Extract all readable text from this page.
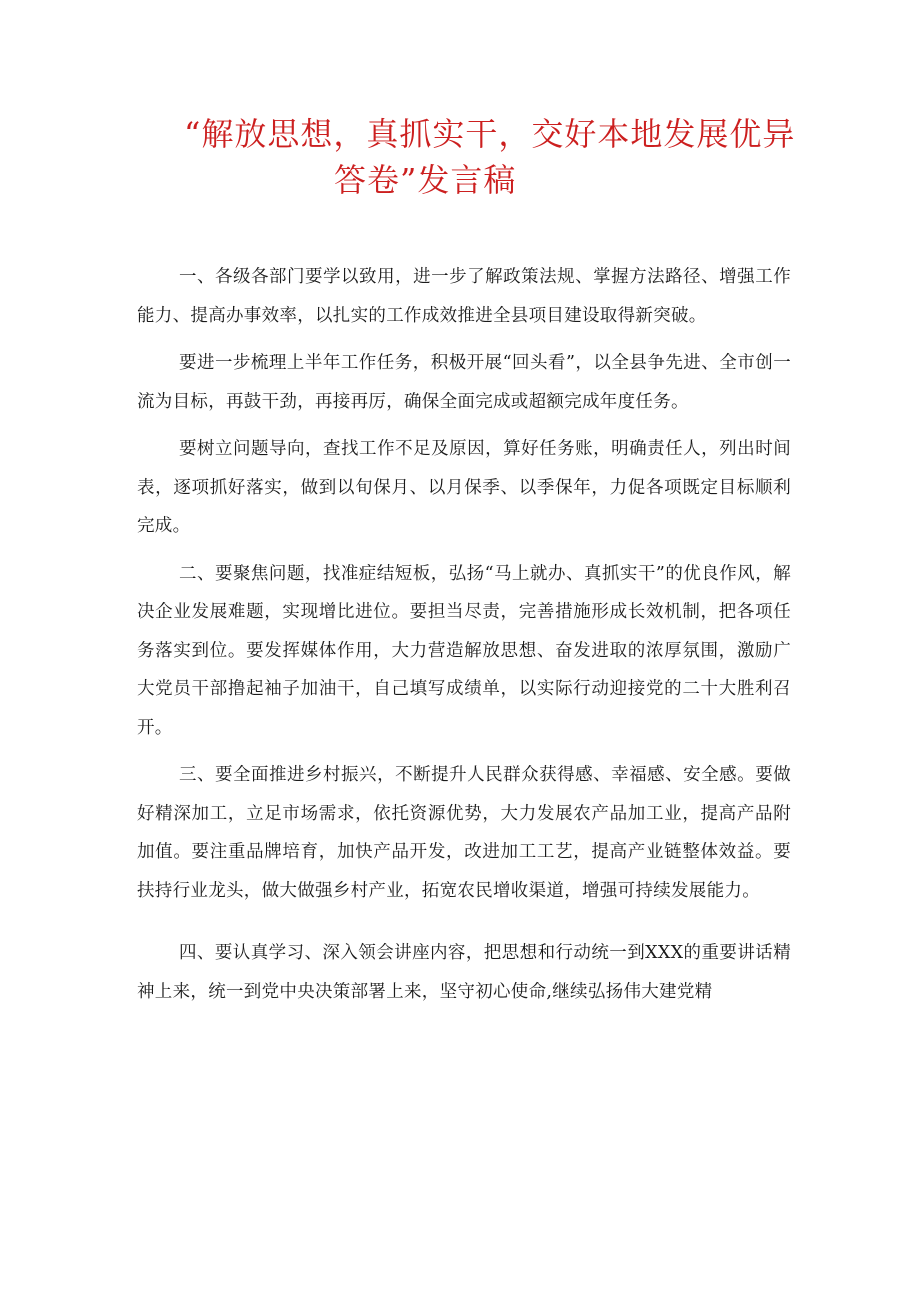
“解放思想，真抓实干，交好本地发展优异
答卷”发言稿

一、各级各部门要学以致用，进一步了解政策法规、掌握方法路径、增强工作能力、提高办事效率，以扎实的工作成效推进全县项目建设取得新突破。

要进一步梳理上半年工作任务，积极开展“回头看”，以全县争先进、全市创一流为目标，再鼓干劲，再接再厉，确保全面完成或超额完成年度任务。

要树立问题导向，查找工作不足及原因，算好任务账，明确责任人，列出时间表，逐项抓好落实，做到以旬保月、以月保季、以季保年，力促各项既定目标顺利完成。

二、要聚焦问题，找准症结短板，弘扬“马上就办、真抓实干”的优良作风，解决企业发展难题，实现增比进位。要担当尽责，完善措施形成长效机制，把各项任务落实到位。要发挥媒体作用，大力营造解放思想、奋发进取的浓厚氛围，激励广大党员干部撸起袖子加油干，自己填写成绩单，以实际行动迎接党的二十大胜利召开。

三、要全面推进乡村振兴，不断提升人民群众获得感、幸福感、安全感。要做好精深加工，立足市场需求，依托资源优势，大力发展农产品加工业，提高产品附加值。要注重品牌培育，加快产品开发，改进加工工艺，提高产业链整体效益。要扶持行业龙头，做大做强乡村产业，拓宽农民增收渠道，增强可持续发展能力。

四、要认真学习、深入领会讲座内容，把思想和行动统一到XXX的重要讲话精神上来，统一到党中央决策部署上来，坚守初心使命,继续弘扬伟大建党精
